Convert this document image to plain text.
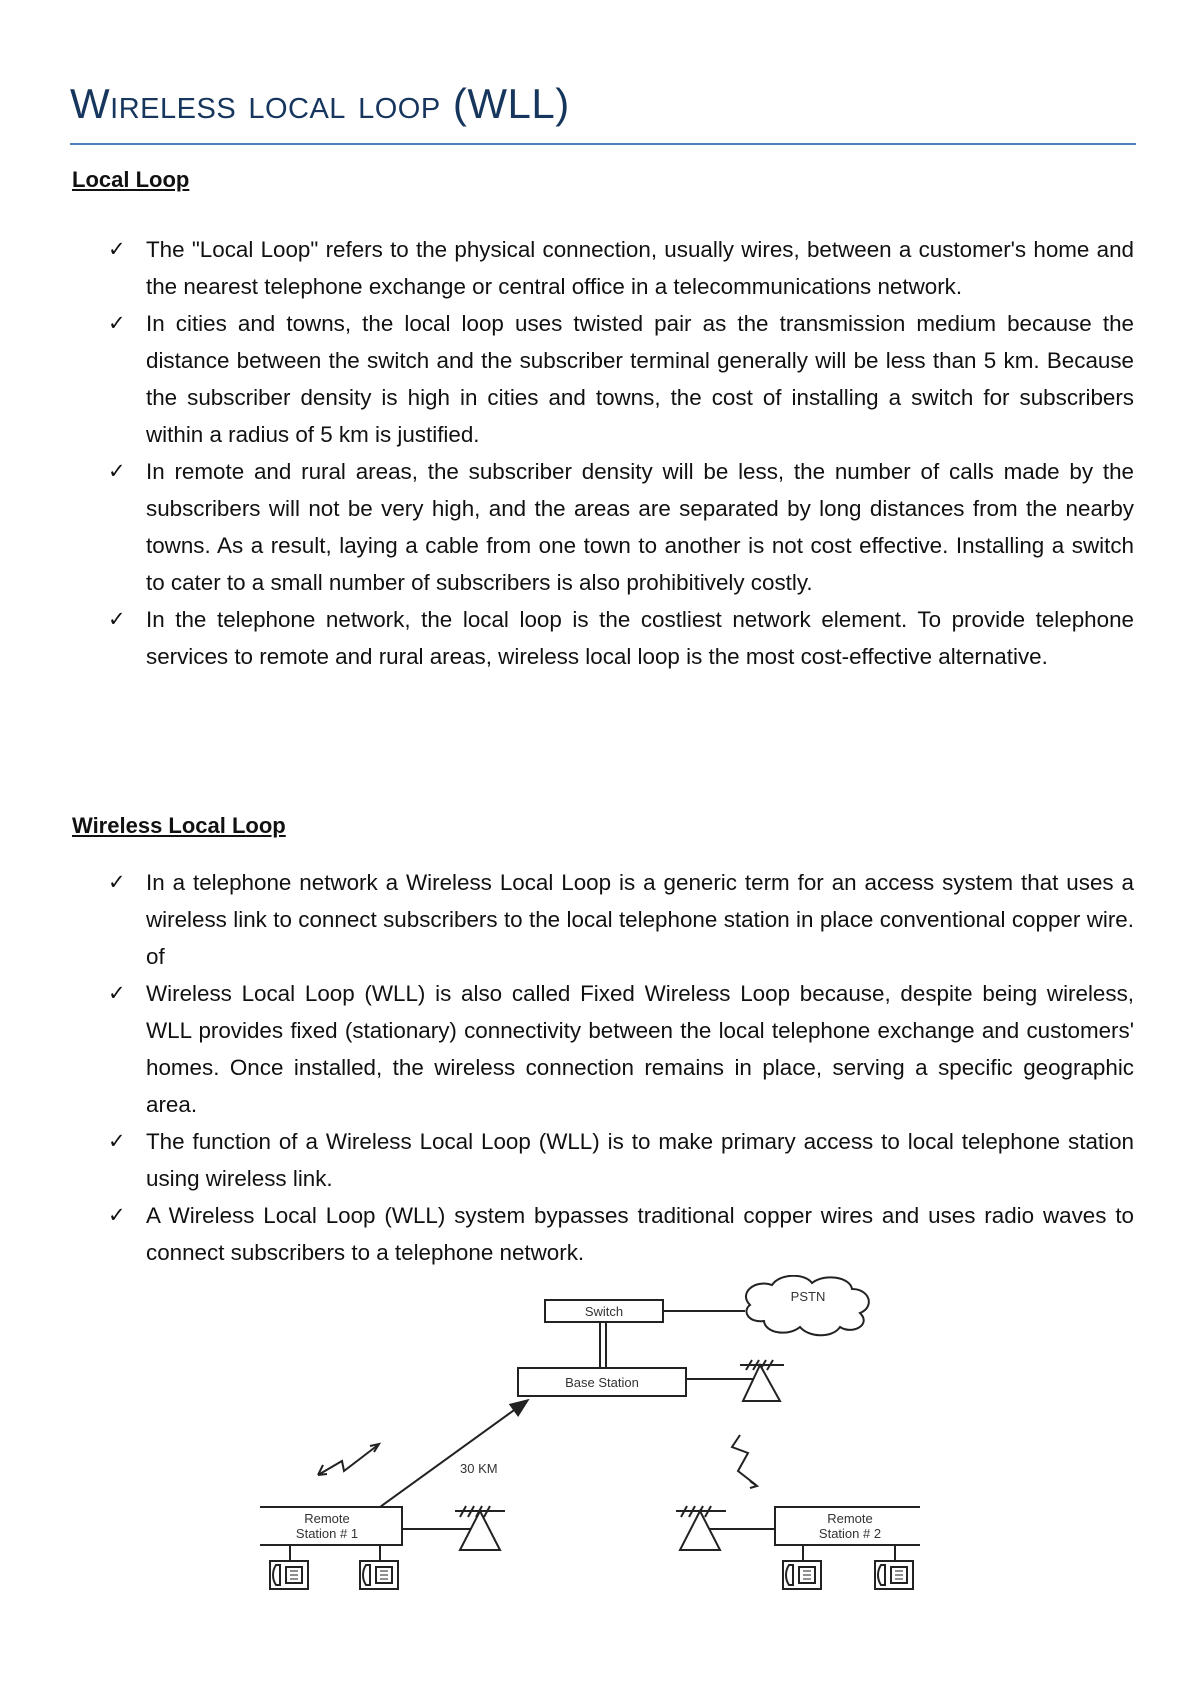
Wireless local loop (WLL)
Local Loop
✓ The "Local Loop" refers to the physical connection, usually wires, between a customer's home and the nearest telephone exchange or central office in a telecommunications network.
✓ In cities and towns, the local loop uses twisted pair as the transmission medium because the distance between the switch and the subscriber terminal generally will be less than 5 km. Because the subscriber density is high in cities and towns, the cost of installing a switch for subscribers within a radius of 5 km is justified.
✓ In remote and rural areas, the subscriber density will be less, the number of calls made by the subscribers will not be very high, and the areas are separated by long distances from the nearby towns. As a result, laying a cable from one town to another is not cost effective. Installing a switch to cater to a small number of subscribers is also prohibitively costly.
✓ In the telephone network, the local loop is the costliest network element. To provide telephone services to remote and rural areas, wireless local loop is the most cost-effective alternative.
Wireless Local Loop
✓ In a telephone network a Wireless Local Loop is a generic term for an access system that uses a wireless link to connect subscribers to the local telephone station in place conventional copper wire. of
✓ Wireless Local Loop (WLL) is also called Fixed Wireless Loop because, despite being wireless, WLL provides fixed (stationary) connectivity between the local telephone exchange and customers' homes. Once installed, the wireless connection remains in place, serving a specific geographic area.
✓ The function of a Wireless Local Loop (WLL) is to make primary access to local telephone station using wireless link.
✓ A Wireless Local Loop (WLL) system bypasses traditional copper wires and uses radio waves to connect subscribers to a telephone network.
Switch
PSTN
Base Station
30 KM
Remote
Station # 1
Remote
Station # 2
